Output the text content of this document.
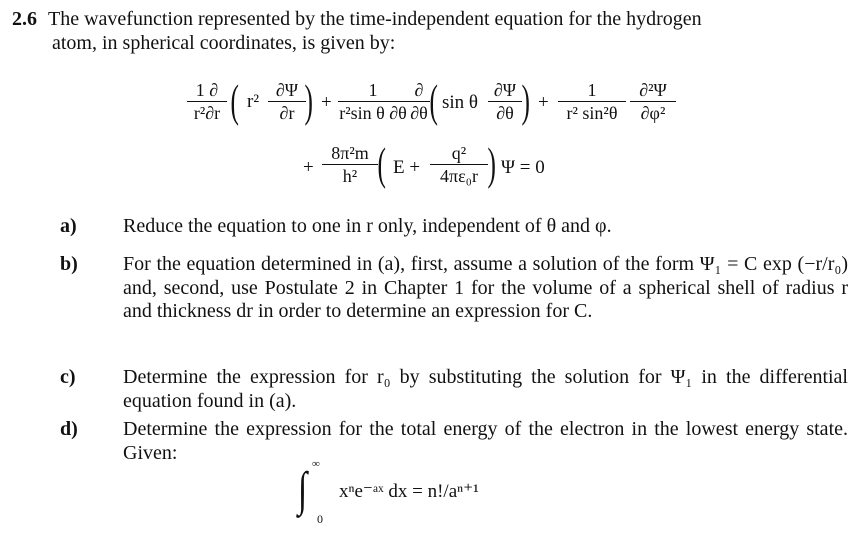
2.6 The wavefunction represented by the time-independent equation for the hydrogen
atom, in spherical coordinates, is given by:
1 ∂
r²∂r ( r²
∂Ψ
∂r ) +
1
r²sin θ ∂θ
∂
∂θ ( sin θ
∂Ψ
∂θ ) +
1
r² sin²θ
∂²Ψ
∂φ²
+
8π²m
h² ( E +
q²
4πε₀r ) Ψ = 0
a) Reduce the equation to one in r only, independent of θ and φ.
b) For the equation determined in (a), first, assume a solution of the form Ψ₁ = C exp (−r/r₀) and, second, use Postulate 2 in Chapter 1 for the volume of a spherical shell of radius r and thickness dr in order to determine an expression for C.
c) Determine the expression for r₀ by substituting the solution for Ψ₁ in the differential equation found in (a).
d) Determine the expression for the total energy of the electron in the lowest energy state. Given:
∞
∫
0
xⁿe⁻ᵃˣ dx = n!/aⁿ⁺¹
